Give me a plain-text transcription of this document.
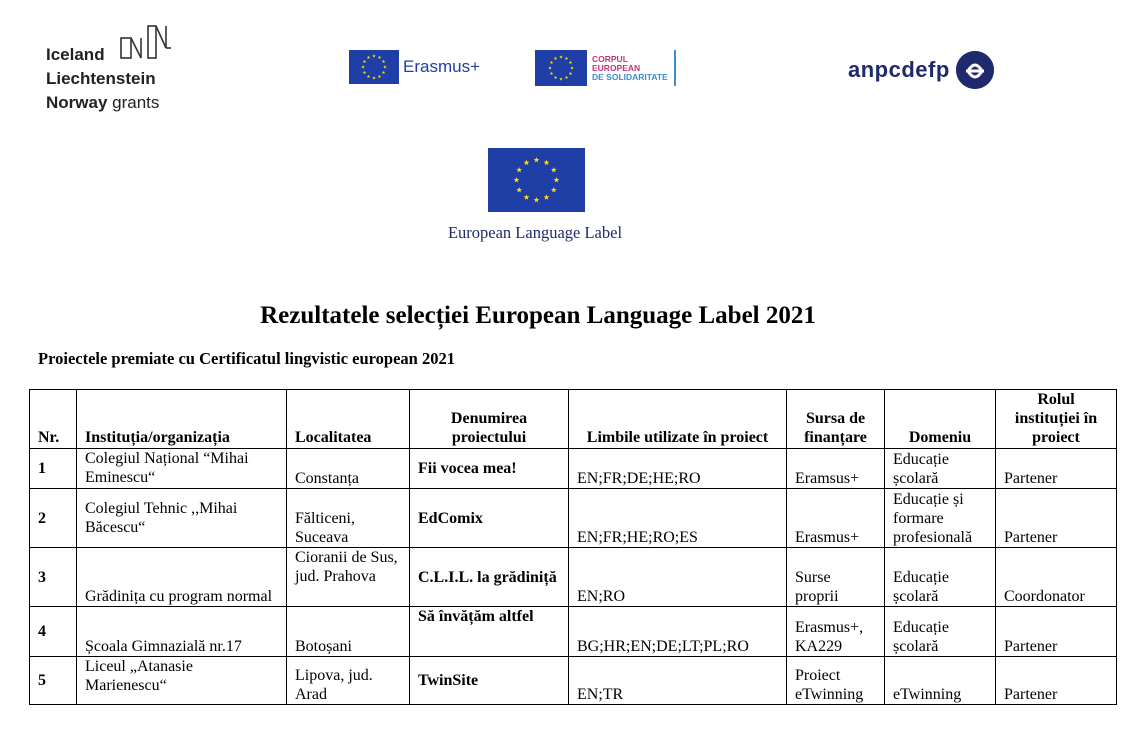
Iceland
Liechtenstein
Norway grants
Erasmus+	CORPUL
EUROPEAN
DE SOLIDARITATE	anpcdefp
European Language Label
Rezultatele selecției European Language Label 2021
Proiectele premiate cu Certificatul lingvistic european 2021
Nr.	Instituția/organizația	Localitatea	Denumirea proiectului	Limbile utilizate în proiect	Sursa de finanțare	Domeniu	Rolul instituției în proiect
1	Colegiul Național “Mihai Eminescu“	Constanța	Fii vocea mea!	EN;FR;DE;HE;RO	Eramsus+	Educație școlară	Partener
2	Colegiul Tehnic ,,Mihai Băcescu“	Fălticeni, Suceava	EdComix	EN;FR;HE;RO;ES	Erasmus+	Educație și formare profesională	Partener
3	Grădinița cu program normal	Cioranii de Sus, jud. Prahova	C.L.I.L. la grădiniță	EN;RO	Surse proprii	Educație școlară	Coordonator
4	Școala Gimnazială nr.17	Botoșani	Să învățăm altfel	BG;HR;EN;DE;LT;PL;RO	Erasmus+, KA229	Educație școlară	Partener
5	Liceul „Atanasie Marienescu“	Lipova, jud. Arad	TwinSite	EN;TR	Proiect eTwinning	eTwinning	Partener
